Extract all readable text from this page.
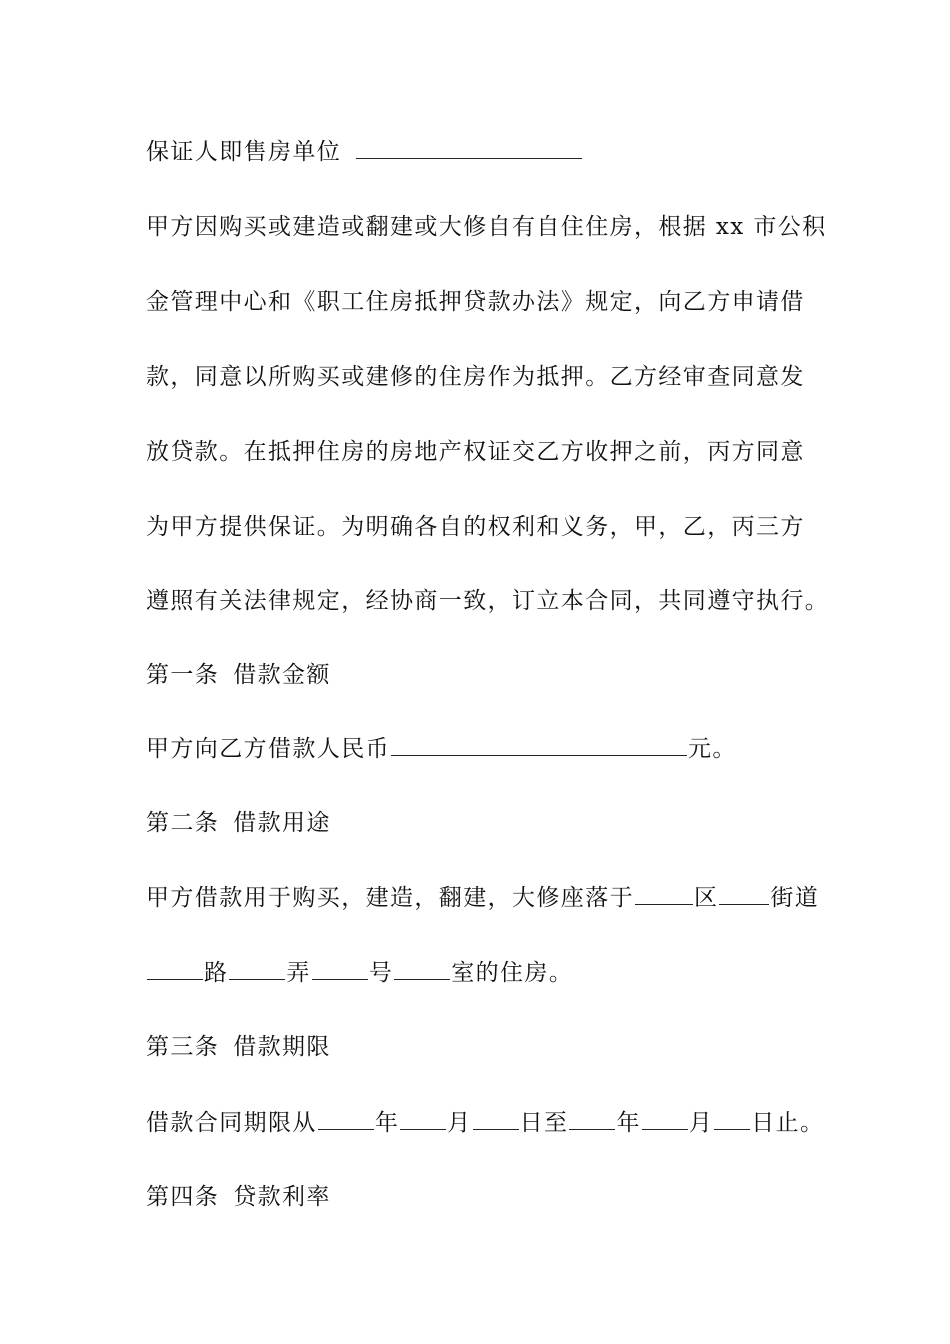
保证人即售房单位

甲方因购买或建造或翻建或大修自有自住住房，根据 xx 市公积

金管理中心和《职工住房抵押贷款办法》规定，向乙方申请借

款，同意以所购买或建修的住房作为抵押。乙方经审查同意发

放贷款。在抵押住房的房地产权证交乙方收押之前，丙方同意

为甲方提供保证。为明确各自的权利和义务，甲，乙，丙三方

遵照有关法律规定，经协商一致，订立本合同，共同遵守执行。

第一条 借款金额

甲方向乙方借款人民币	元。

第二条 借款用途

甲方借款用于购买，建造，翻建，大修座落于	区 街道

路	弄	号	室的住房。

第三条 借款期限

借款合同期限从	年 月 日至 年 月 日止。

第四条 贷款利率
